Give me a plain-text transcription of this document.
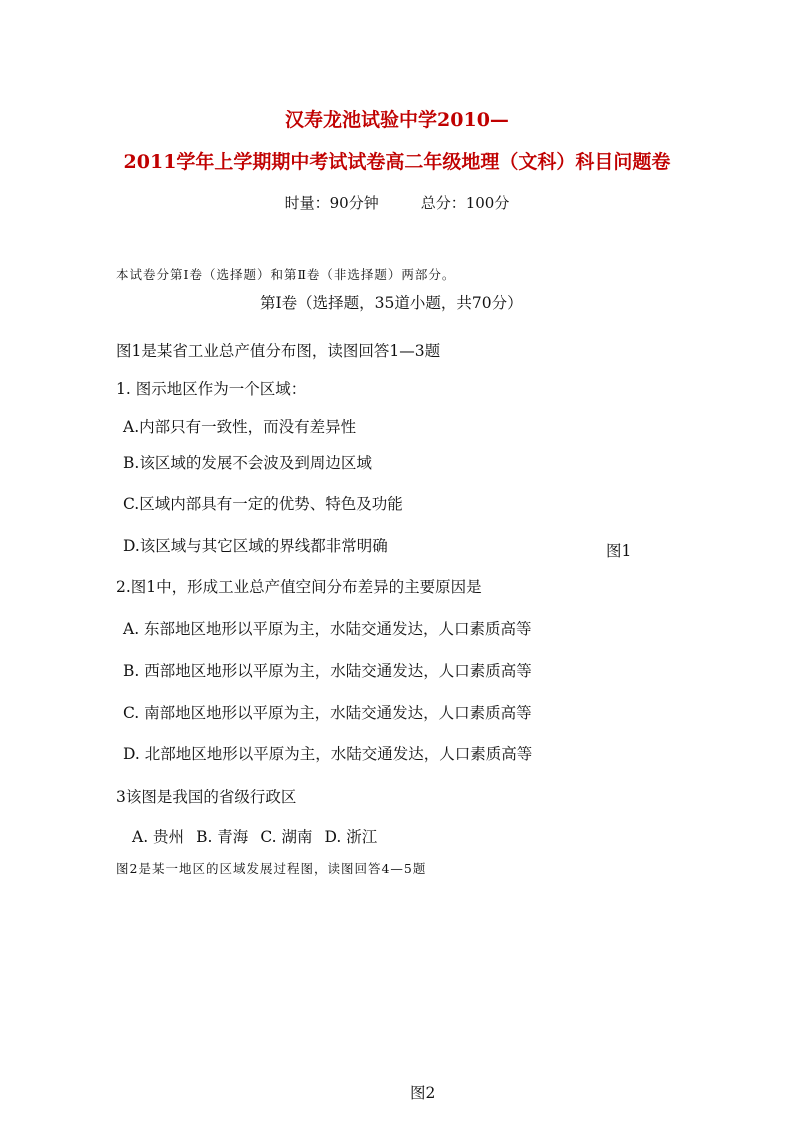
汉寿龙池试验中学2010—
2011学年上学期期中考试试卷高二年级地理（文科）科目问题卷
时量：90分钟	总分：100分
本试卷分第Ⅰ卷（选择题）和第Ⅱ卷（非选择题）两部分。
第Ⅰ卷（选择题，35道小题，共70分）
图1是某省工业总产值分布图，读图回答1—3题
1. 图示地区作为一个区域：
A.内部只有一致性，而没有差异性
B.该区域的发展不会波及到周边区域
C.区域内部具有一定的优势、特色及功能
D.该区域与其它区域的界线都非常明确	图1
2.图1中，形成工业总产值空间分布差异的主要原因是
A. 东部地区地形以平原为主，水陆交通发达，人口素质高等
B. 西部地区地形以平原为主，水陆交通发达，人口素质高等
C. 南部地区地形以平原为主，水陆交通发达，人口素质高等
D. 北部地区地形以平原为主，水陆交通发达，人口素质高等
3该图是我国的省级行政区
A. 贵州 B. 青海 C. 湖南 D. 浙江
图2是某一地区的区域发展过程图，读图回答4—5题
图2
